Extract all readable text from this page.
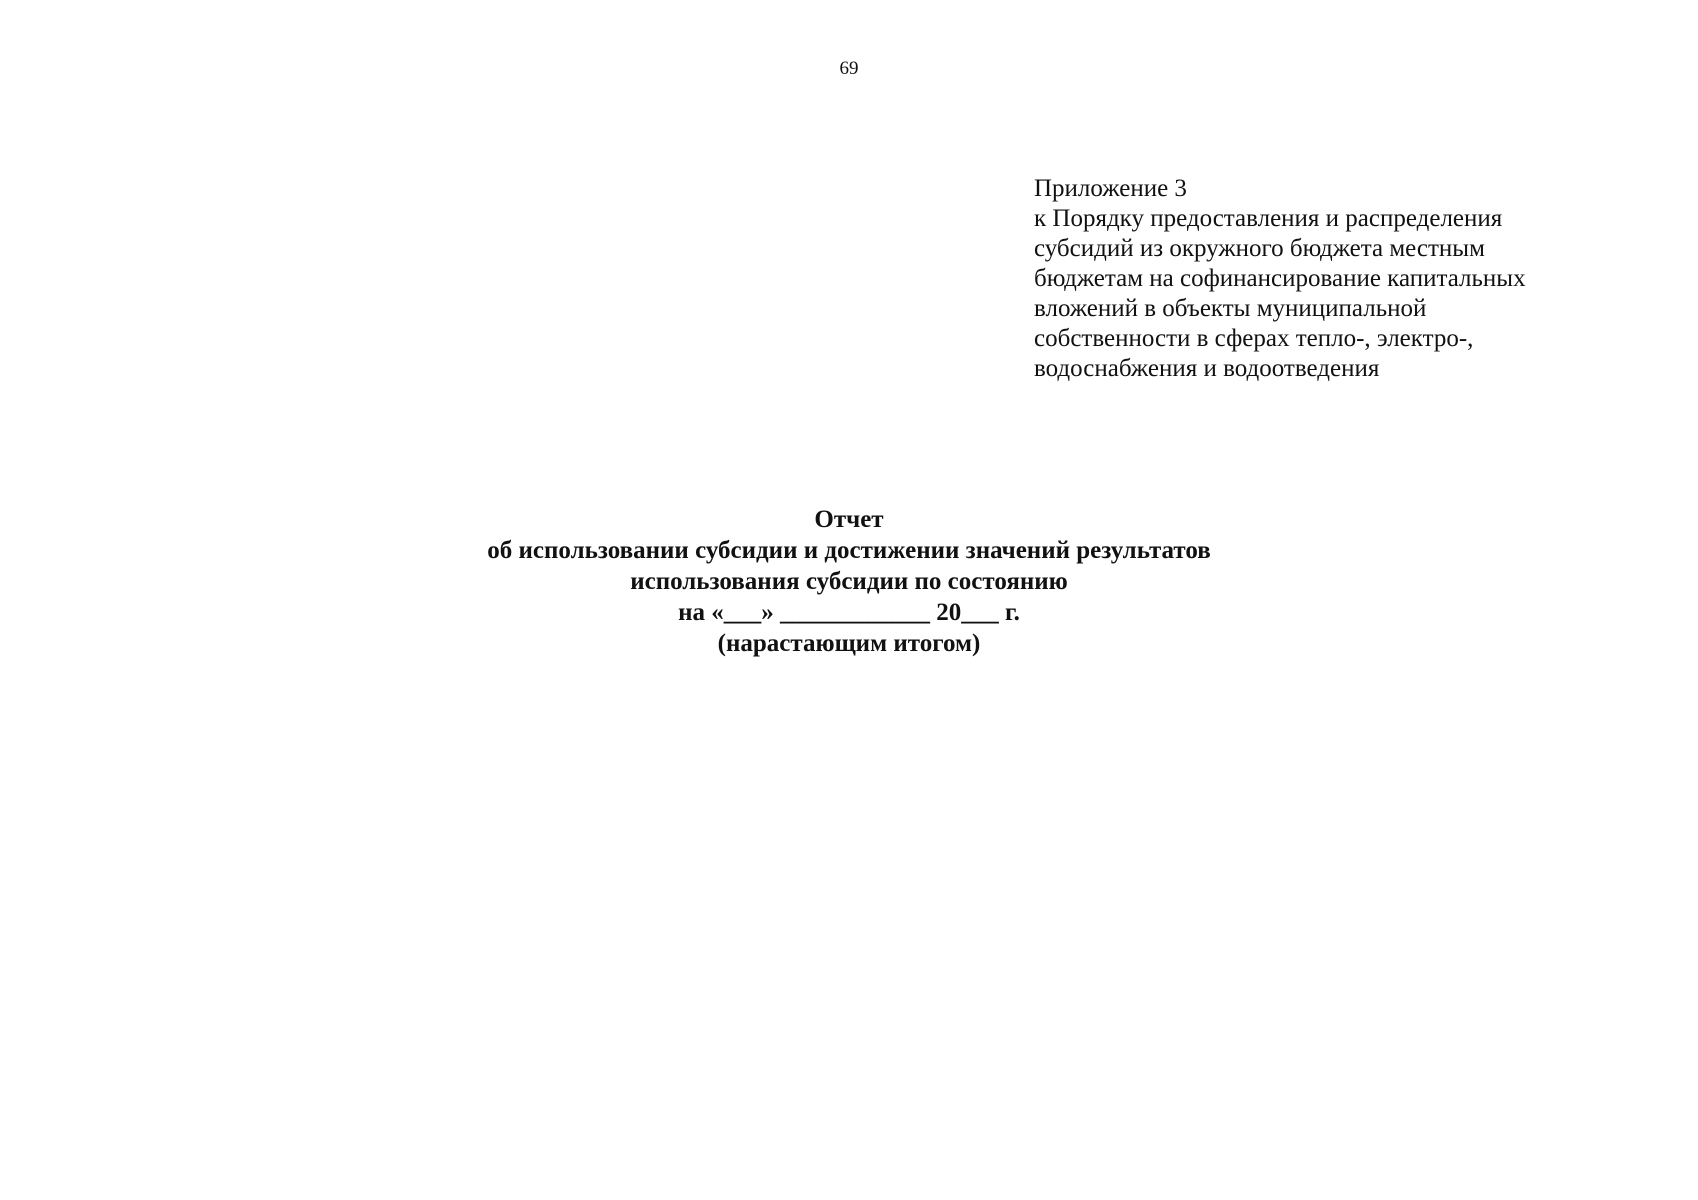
69
Приложение 3
к Порядку предоставления и распределения
субсидий из окружного бюджета местным
бюджетам на софинансирование капитальных
вложений в объекты муниципальной
собственности в сферах тепло-, электро-,
водоснабжения и водоотведения
Отчет
об использовании субсидии и достижении значений результатов
использования субсидии по состоянию
на «___» ____________ 20___ г.
(нарастающим итогом)
